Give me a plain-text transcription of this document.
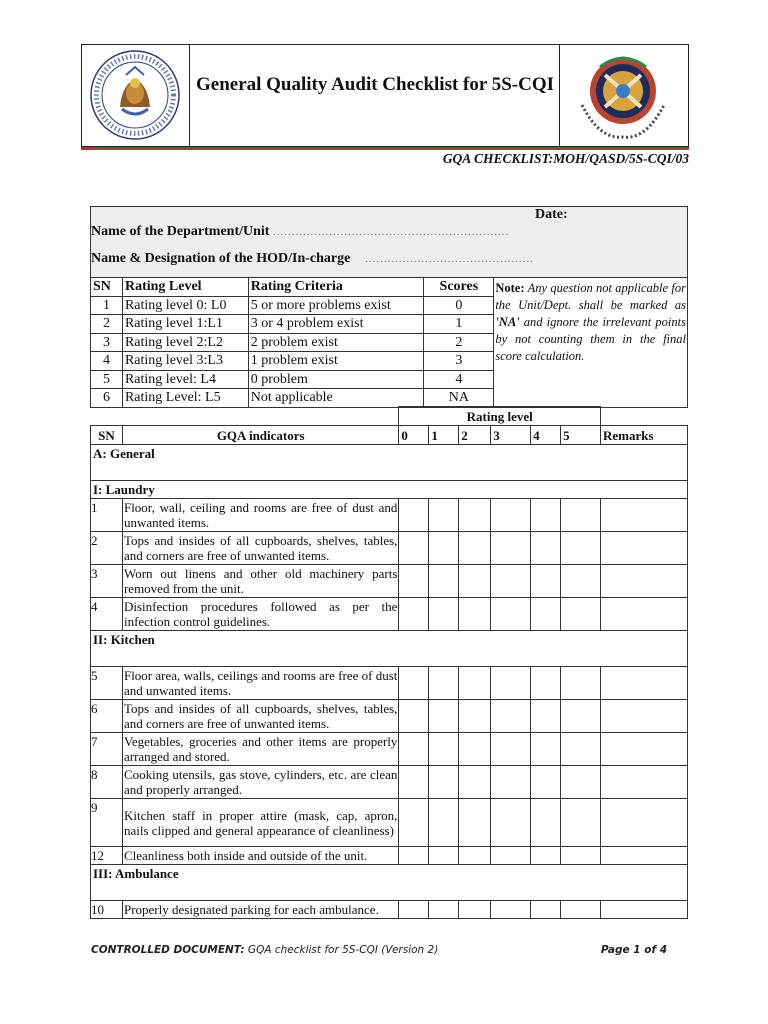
General Quality Audit Checklist for 5S-CQI
GQA CHECKLIST:MOH/QASD/5S-CQI/03
Date:
Name of the Department/Unit ...............................................................
Name & Designation of the HOD/In-charge    .............................................
SN	Rating Level	Rating Criteria	Scores	Note: Any question not applicable for the Unit/Dept. shall be marked as 'NA' and ignore the irrelevant points by not counting them in the final score calculation.
1	Rating level 0: L0	5 or more problems exist	0	
2	Rating level 1:L1	3 or 4 problem exist	1	
3	Rating level 2:L2	2 problem exist	2	
4	Rating level 3:L3	1 problem exist	3	
5	Rating level: L4	0 problem	4	
6	Rating Level: L5	Not applicable	NA	
		Rating level						
SN	GQA indicators	0	1	2	3	4	5	Remarks
A: General								
I: Laundry								
1	Floor, wall, ceiling and rooms are free of dust and unwanted items.							
2	Tops and insides of all cupboards, shelves, tables, and corners are free of unwanted items.							
3	Worn out linens and other old machinery parts removed from the unit.							
4	Disinfection procedures followed as per the infection control guidelines.							
II: Kitchen								
5	Floor area, walls, ceilings and rooms are free of dust and unwanted items.							
6	Tops and insides of all cupboards, shelves, tables, and corners are free of unwanted items.							
7	Vegetables, groceries and other items are properly arranged and stored.							
8	Cooking utensils, gas stove, cylinders, etc. are clean and properly arranged.							
9	Kitchen staff in proper attire (mask, cap, apron, nails clipped and general appearance of cleanliness)							
12	Cleanliness both inside and outside of the unit.							
III: Ambulance								
10	Properly designated parking for each ambulance.							
CONTROLLED DOCUMENT: GQA checklist for 5S-CQI (Version 2)	Page 1 of 4
